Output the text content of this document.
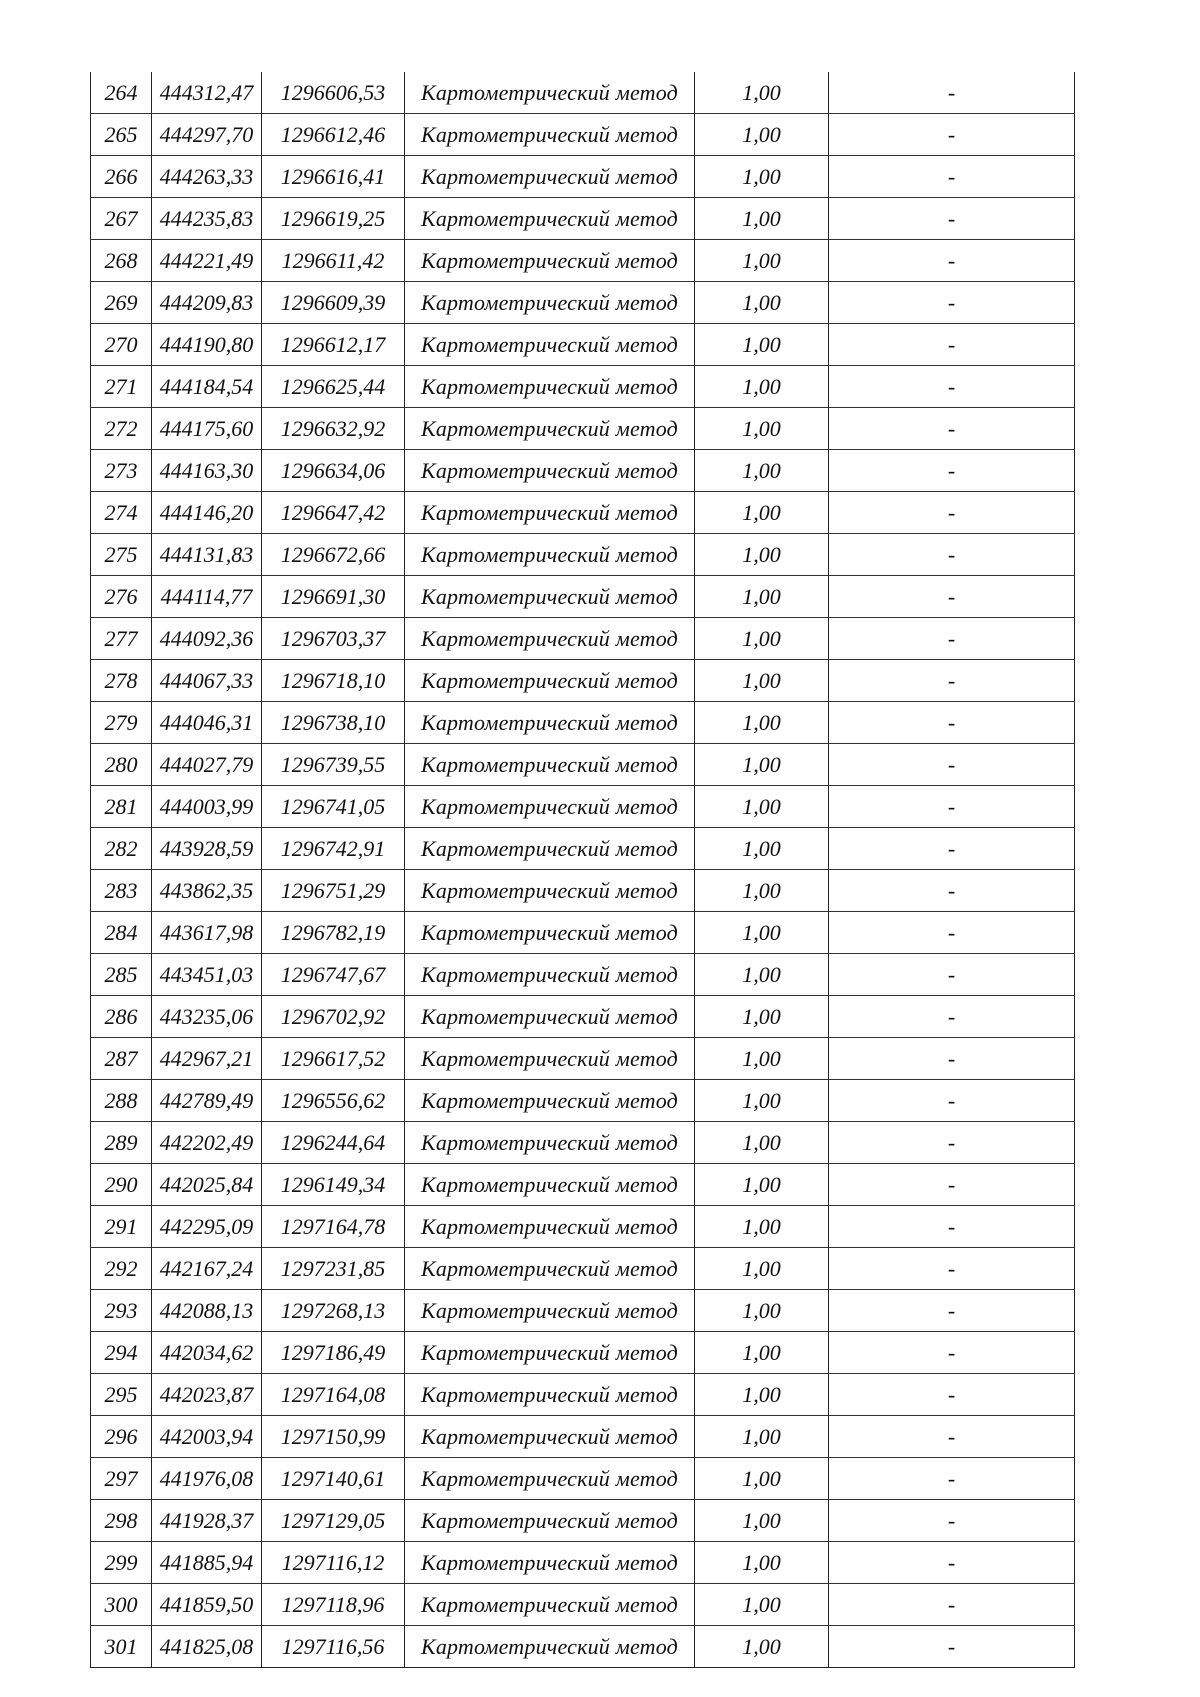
264	444312,47	1296606,53	Картометрический метод	1,00	-
265	444297,70	1296612,46	Картометрический метод	1,00	-
266	444263,33	1296616,41	Картометрический метод	1,00	-
267	444235,83	1296619,25	Картометрический метод	1,00	-
268	444221,49	1296611,42	Картометрический метод	1,00	-
269	444209,83	1296609,39	Картометрический метод	1,00	-
270	444190,80	1296612,17	Картометрический метод	1,00	-
271	444184,54	1296625,44	Картометрический метод	1,00	-
272	444175,60	1296632,92	Картометрический метод	1,00	-
273	444163,30	1296634,06	Картометрический метод	1,00	-
274	444146,20	1296647,42	Картометрический метод	1,00	-
275	444131,83	1296672,66	Картометрический метод	1,00	-
276	444114,77	1296691,30	Картометрический метод	1,00	-
277	444092,36	1296703,37	Картометрический метод	1,00	-
278	444067,33	1296718,10	Картометрический метод	1,00	-
279	444046,31	1296738,10	Картометрический метод	1,00	-
280	444027,79	1296739,55	Картометрический метод	1,00	-
281	444003,99	1296741,05	Картометрический метод	1,00	-
282	443928,59	1296742,91	Картометрический метод	1,00	-
283	443862,35	1296751,29	Картометрический метод	1,00	-
284	443617,98	1296782,19	Картометрический метод	1,00	-
285	443451,03	1296747,67	Картометрический метод	1,00	-
286	443235,06	1296702,92	Картометрический метод	1,00	-
287	442967,21	1296617,52	Картометрический метод	1,00	-
288	442789,49	1296556,62	Картометрический метод	1,00	-
289	442202,49	1296244,64	Картометрический метод	1,00	-
290	442025,84	1296149,34	Картометрический метод	1,00	-
291	442295,09	1297164,78	Картометрический метод	1,00	-
292	442167,24	1297231,85	Картометрический метод	1,00	-
293	442088,13	1297268,13	Картометрический метод	1,00	-
294	442034,62	1297186,49	Картометрический метод	1,00	-
295	442023,87	1297164,08	Картометрический метод	1,00	-
296	442003,94	1297150,99	Картометрический метод	1,00	-
297	441976,08	1297140,61	Картометрический метод	1,00	-
298	441928,37	1297129,05	Картометрический метод	1,00	-
299	441885,94	1297116,12	Картометрический метод	1,00	-
300	441859,50	1297118,96	Картометрический метод	1,00	-
301	441825,08	1297116,56	Картометрический метод	1,00	-
